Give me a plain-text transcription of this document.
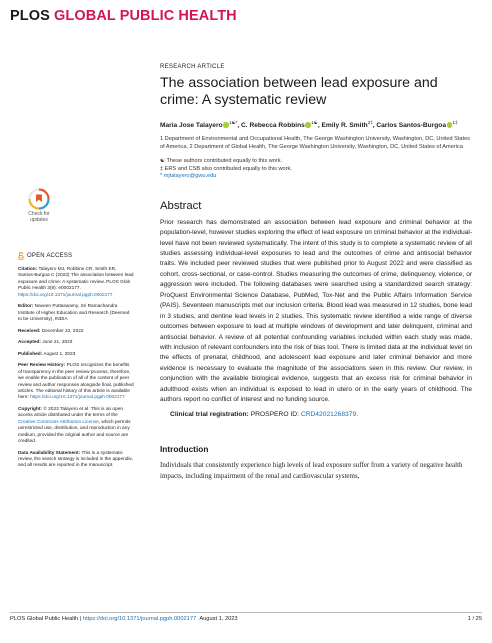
PLOS GLOBAL PUBLIC HEALTH
Check for
updates
RESEARCH ARTICLE
The association between lead exposure and crime: A systematic review
Maria Jose Talayero $^{1☯*}$, C. Rebecca Robbins $^{1☯}$, Emily R. Smith$^{2\ddagger}$, Carlos Santos-Burgoa $^{1\ddagger}$

1 Department of Environmental and Occupational Health, The George Washington University, Washington, DC, United States of America, 2 Department of Global Health, The George Washington University, Washington, DC, United States of America

☯ These authors contributed equally to this work.
‡ ERS and CSB also contributed equally to this work.
* mjtalayero@gwu.edu
Abstract

Prior research has demonstrated an association between lead exposure and criminal behavior at the population-level, however studies exploring the effect of lead exposure on criminal behavior at the individual-level have not been reviewed systematically. The intent of this study is to complete a systematic review of all studies assessing individual-level exposures to lead and the outcomes of crime and antisocial behavior traits. We included peer reviewed studies that were published prior to August 2022 and were classified as cohort, cross-sectional, or case-control. Studies measuring the outcomes of crime, delinquency, violence, or aggression were included. The following databases were searched using a standardized search strategy: ProQuest Environmental Science Database, PubMed, Tox-Net and the Public Affairs Information Service (PAIS). Seventeen manuscripts met our inclusion criteria. Blood lead was measured in 12 studies, bone lead in 3 studies, and dentine lead levels in 2 studies. This systematic review identified a wide range of diverse outcomes between exposure to lead at multiple windows of development and later delinquent, criminal and antisocial behavior. A review of all potential confounding variables included within each study was made, with inclusion of relevant confounders into the risk of bias tool. There is limited data at the individual level on the effects of prenatal, childhood, and adolescent lead exposure and later criminal behavior and more evidence is necessary to evaluate the magnitude of the associations seen in this review. Our review, in conjunction with the available biological evidence, suggests that an excess risk for criminal behavior in adulthood exists when an individual is exposed to lead in utero or in the early years of childhood. The authors report no conflict of interest and no funding source.

Clinical trial registration: PROSPERO ID: CRD42021268379.

Introduction

Individuals that consistently experience high levels of lead exposure suffer from a variety of negative health impacts, including impairment of the renal and cardiovascular systems,

OPEN ACCESS

Citation: Talayero MJ, Robbins CR, Smith ER, Santos-Burgoa C (2023) The association between lead exposure and crime: A systematic review. PLOS Glob Public Health 3(8): e0002177. https://doi.org/10.1371/journal.pgph.0002177

Editor: Naveen Puttaswamy, Sri Ramachandra Institute of Higher Education and Research (Deemed to be University), INDIA

Received: December 22, 2022

Accepted: June 21, 2023

Published: August 1, 2023

Peer Review History: PLOS recognizes the benefits of transparency in the peer review process; therefore, we enable the publication of all of the content of peer review and author responses alongside final, published articles. The editorial history of this article is available here: https://doi.org/10.1371/journal.pgph.0002177

Copyright: © 2023 Talayero et al. This is an open access article distributed under the terms of the Creative Commons Attribution License, which permits unrestricted use, distribution, and reproduction in any medium, provided the original author and source are credited.

Data Availability Statement: This is a systematic review, the search strategy is included in the appendix, and all results are reported in the manuscript.

PLOS Global Public Health | https://doi.org/10.1371/journal.pgph.0002177 August 1, 2023	1 / 25
